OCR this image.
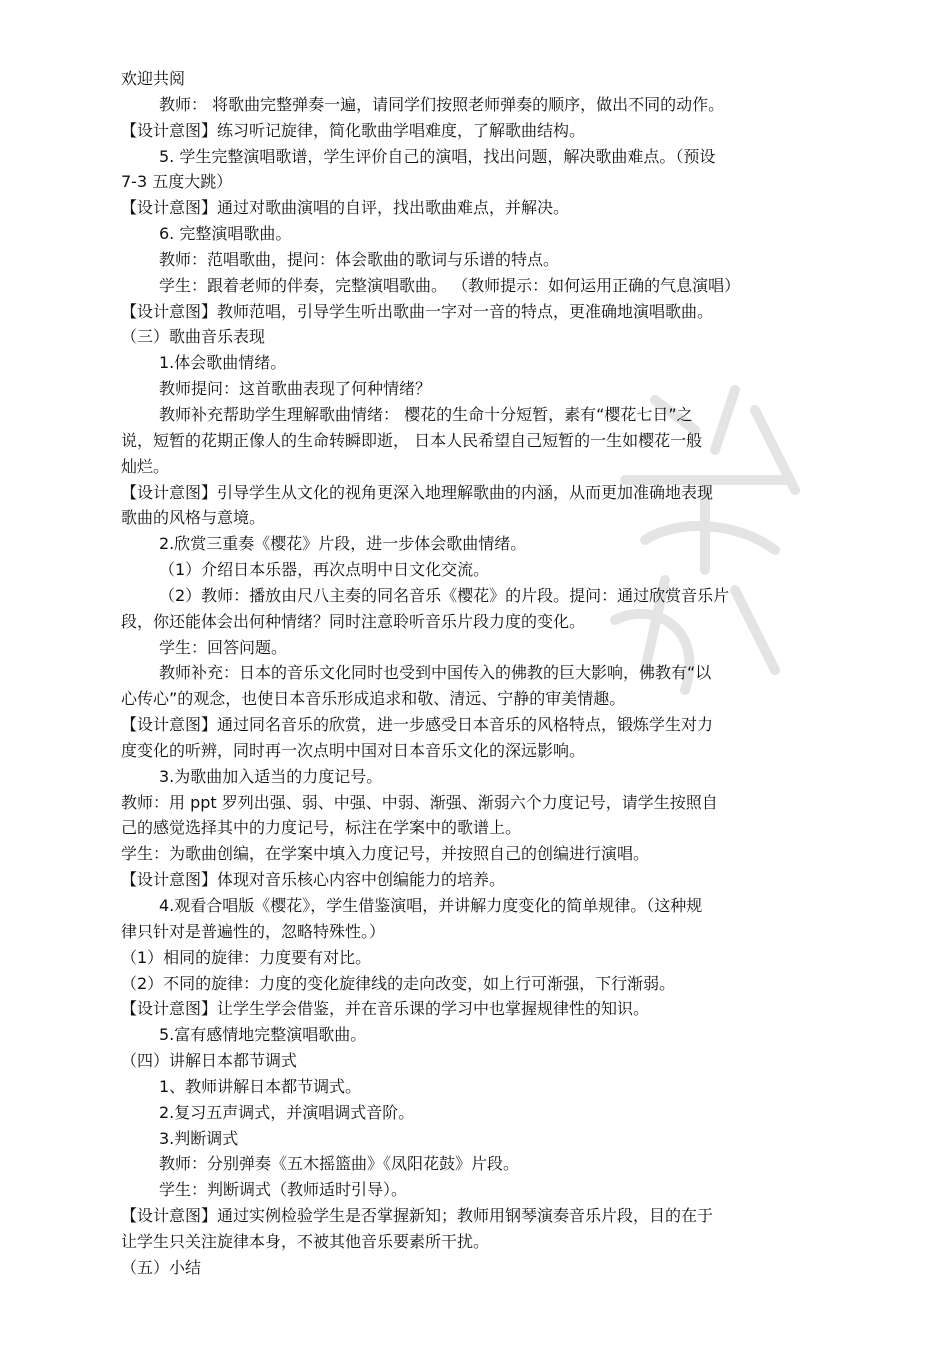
欢迎共阅
教师： 将歌曲完整弹奏一遍，请同学们按照老师弹奏的顺序，做出不同的动作。
【设计意图】练习听记旋律，简化歌曲学唱难度，了解歌曲结构。
5. 学生完整演唱歌谱，学生评价自己的演唱，找出问题，解决歌曲难点。（预设
7-3 五度大跳）
【设计意图】通过对歌曲演唱的自评，找出歌曲难点，并解决。
6. 完整演唱歌曲。
教师：范唱歌曲，提问：体会歌曲的歌词与乐谱的特点。
学生：跟着老师的伴奏，完整演唱歌曲。 （教师提示：如何运用正确的气息演唱）
【设计意图】教师范唱，引导学生听出歌曲一字对一音的特点，更准确地演唱歌曲。
（三）歌曲音乐表现
1.体会歌曲情绪。
教师提问：这首歌曲表现了何种情绪？
教师补充帮助学生理解歌曲情绪： 樱花的生命十分短暂，素有“樱花七日”之
说，短暂的花期正像人的生命转瞬即逝， 日本人民希望自己短暂的一生如樱花一般
灿烂。
【设计意图】引导学生从文化的视角更深入地理解歌曲的内涵，从而更加准确地表现
歌曲的风格与意境。
2.欣赏三重奏《樱花》片段，进一步体会歌曲情绪。
（1）介绍日本乐器，再次点明中日文化交流。
（2）教师：播放由尺八主奏的同名音乐《樱花》的片段。提问：通过欣赏音乐片
段，你还能体会出何种情绪？同时注意聆听音乐片段力度的变化。
学生：回答问题。
教师补充：日本的音乐文化同时也受到中国传入的佛教的巨大影响，佛教有“以
心传心”的观念，也使日本音乐形成追求和敬、清远、宁静的审美情趣。
【设计意图】通过同名音乐的欣赏，进一步感受日本音乐的风格特点，锻炼学生对力
度变化的听辨，同时再一次点明中国对日本音乐文化的深远影响。
3.为歌曲加入适当的力度记号。
教师：用 ppt 罗列出强、弱、中强、中弱、渐强、渐弱六个力度记号，请学生按照自
己的感觉选择其中的力度记号，标注在学案中的歌谱上。
学生：为歌曲创编，在学案中填入力度记号，并按照自己的创编进行演唱。
【设计意图】体现对音乐核心内容中创编能力的培养。
4.观看合唱版《樱花》，学生借鉴演唱，并讲解力度变化的简单规律。（这种规
律只针对是普遍性的，忽略特殊性。）
（1）相同的旋律：力度要有对比。
（2）不同的旋律：力度的变化旋律线的走向改变，如上行可渐强，下行渐弱。
【设计意图】让学生学会借鉴，并在音乐课的学习中也掌握规律性的知识。
5.富有感情地完整演唱歌曲。
（四）讲解日本都节调式
1、教师讲解日本都节调式。
2.复习五声调式，并演唱调式音阶。
3.判断调式
教师：分别弹奏《五木摇篮曲》《凤阳花鼓》片段。
学生：判断调式（教师适时引导）。
【设计意图】通过实例检验学生是否掌握新知；教师用钢琴演奏音乐片段，目的在于
让学生只关注旋律本身，不被其他音乐要素所干扰。
（五）小结
